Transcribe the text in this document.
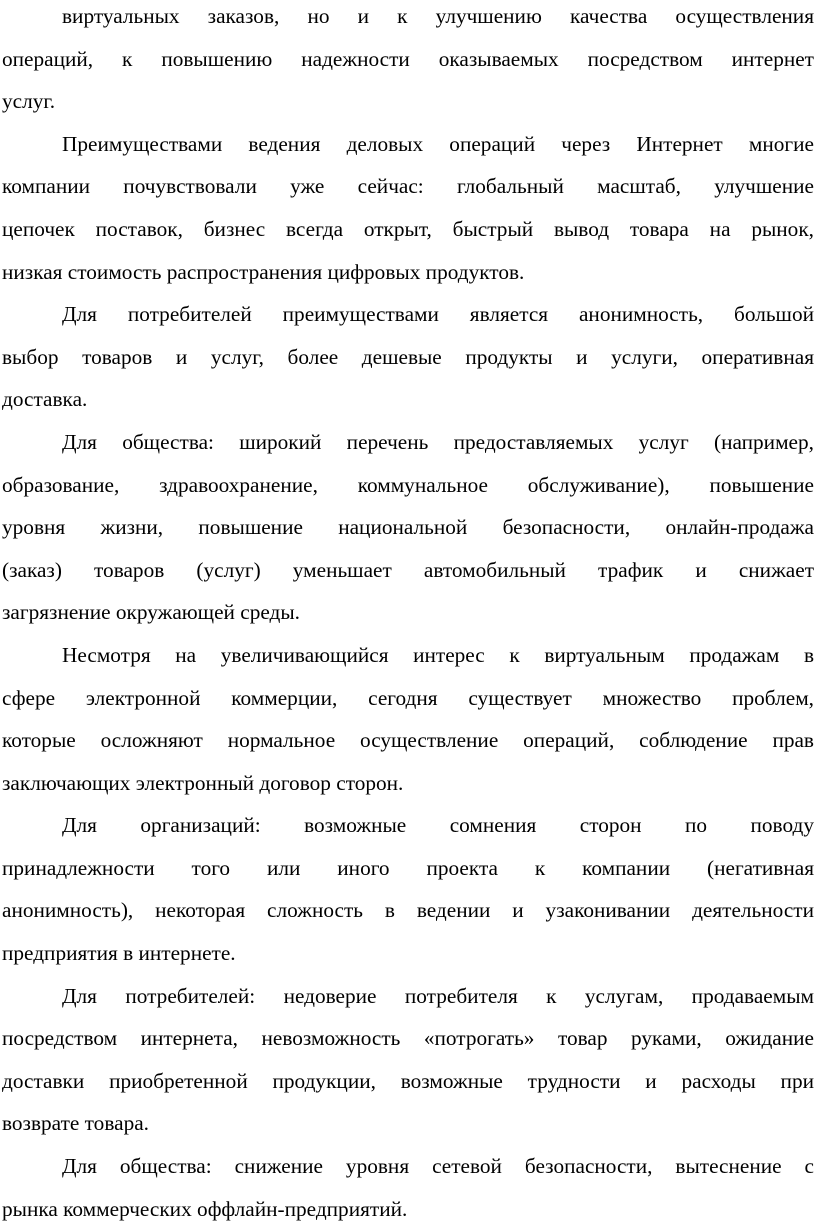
виртуальных заказов, но и к улучшению качества осуществления
операций, к повышению надежности оказываемых посредством интернет
услуг.
Преимуществами ведения деловых операций через Интернет многие
компании почувствовали уже сейчас: глобальный масштаб, улучшение
цепочек поставок, бизнес всегда открыт, быстрый вывод товара на рынок,
низкая стоимость распространения цифровых продуктов.
Для потребителей преимуществами является анонимность, большой
выбор товаров и услуг, более дешевые продукты и услуги, оперативная
доставка.
Для общества: широкий перечень предоставляемых услуг (например,
образование, здравоохранение, коммунальное обслуживание), повышение
уровня жизни, повышение национальной безопасности, онлайн-продажа
(заказ) товаров (услуг) уменьшает автомобильный трафик и снижает
загрязнение окружающей среды.
Несмотря на увеличивающийся интерес к виртуальным продажам в
сфере электронной коммерции, сегодня существует множество проблем,
которые осложняют нормальное осуществление операций, соблюдение прав
заключающих электронный договор сторон.
Для организаций: возможные сомнения сторон по поводу
принадлежности того или иного проекта к компании (негативная
анонимность), некоторая сложность в ведении и узаконивании деятельности
предприятия в интернете.
Для потребителей: недоверие потребителя к услугам, продаваемым
посредством интернета, невозможность «потрогать» товар руками, ожидание
доставки приобретенной продукции, возможные трудности и расходы при
возврате товара.
Для общества: снижение уровня сетевой безопасности, вытеснение с
рынка коммерческих оффлайн-предприятий.
